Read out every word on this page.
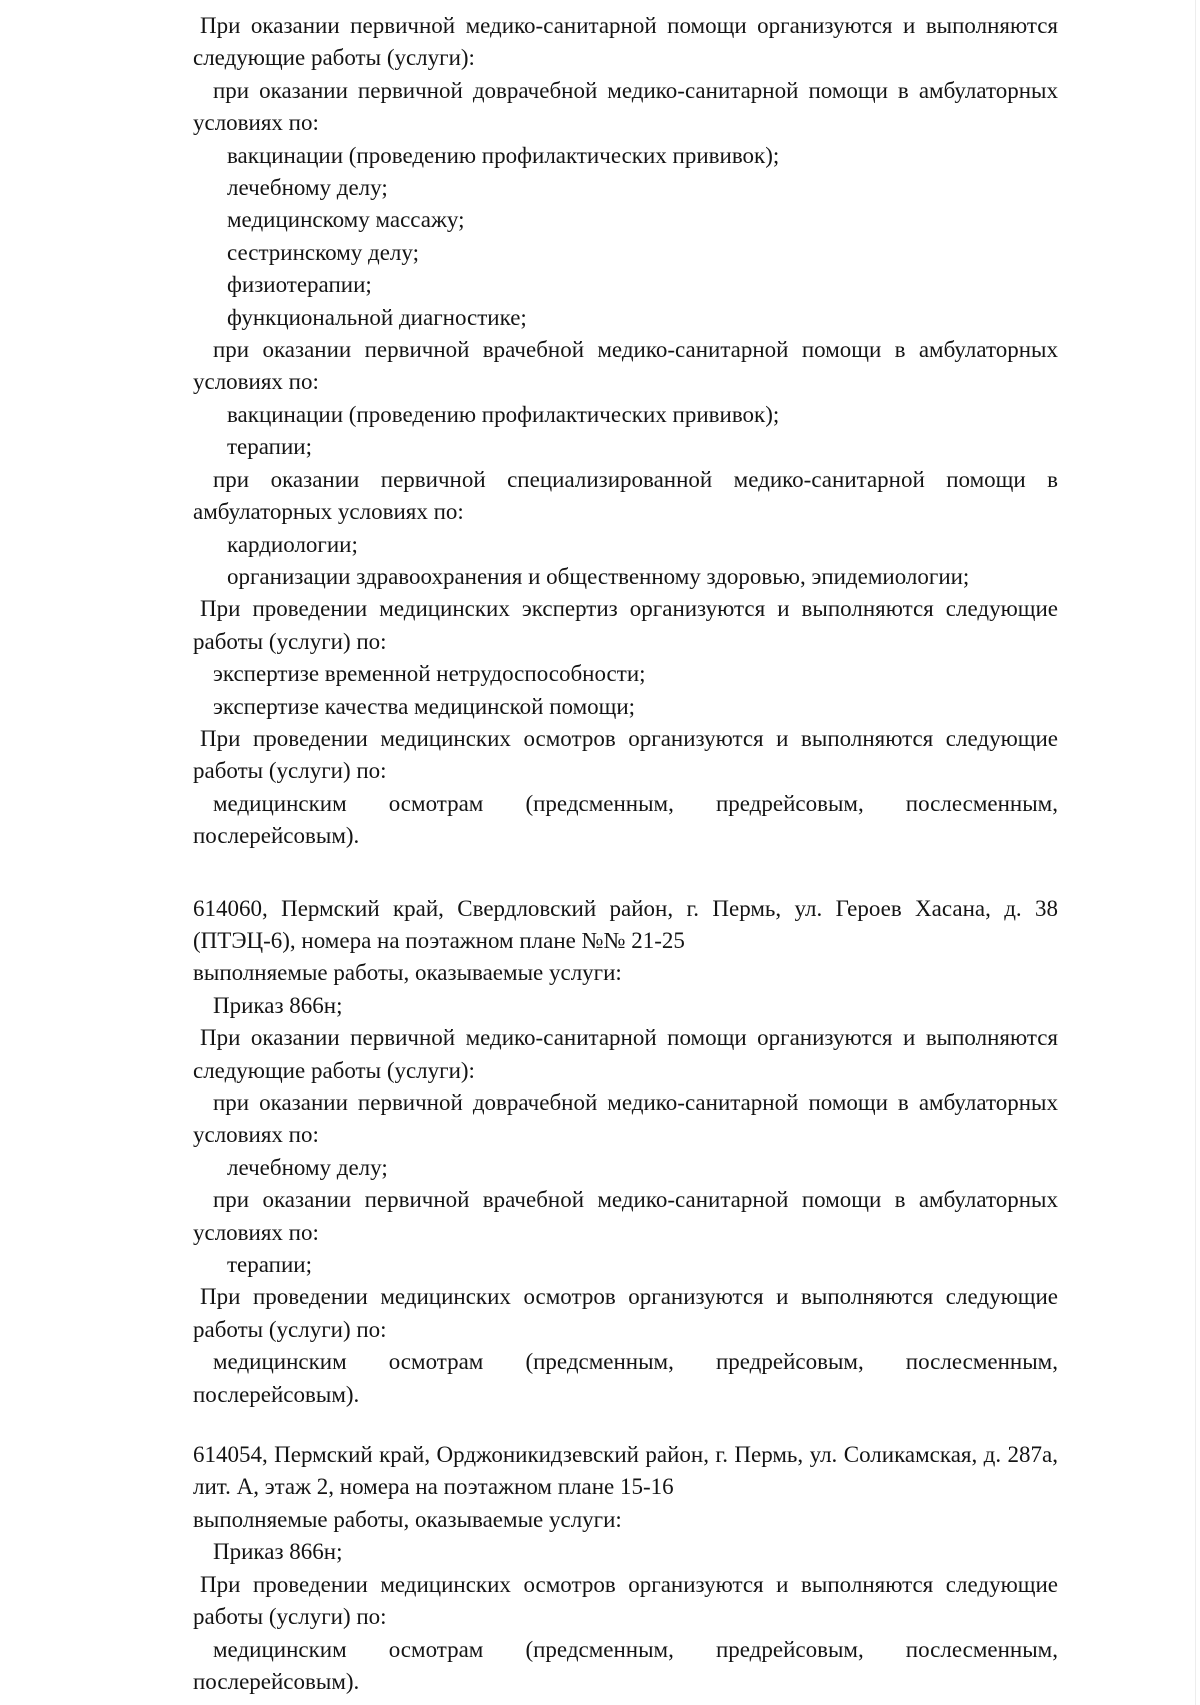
При оказании первичной медико-санитарной помощи организуются и выполняются следующие работы (услуги):

при оказании первичной доврачебной медико-санитарной помощи в амбулаторных условиях по:

вакцинации (проведению профилактических прививок);

лечебному делу;

медицинскому массажу;

сестринскому делу;

физиотерапии;

функциональной диагностике;

при оказании первичной врачебной медико-санитарной помощи в амбулаторных условиях по:

вакцинации (проведению профилактических прививок);

терапии;

при оказании первичной специализированной медико-санитарной помощи в амбулаторных условиях по:

кардиологии;

организации здравоохранения и общественному здоровью, эпидемиологии;

При проведении медицинских экспертиз организуются и выполняются следующие работы (услуги) по:

экспертизе временной нетрудоспособности;

экспертизе качества медицинской помощи;

При проведении медицинских осмотров организуются и выполняются следующие работы (услуги) по:

медицинским осмотрам (предсменным, предрейсовым, послесменным, послерейсовым).

614060, Пермский край, Свердловский район, г. Пермь, ул. Героев Хасана, д. 38 (ПТЭЦ-6), номера на поэтажном плане №№ 21-25

выполняемые работы, оказываемые услуги:

Приказ 866н;

При оказании первичной медико-санитарной помощи организуются и выполняются следующие работы (услуги):

при оказании первичной доврачебной медико-санитарной помощи в амбулаторных условиях по:

лечебному делу;

при оказании первичной врачебной медико-санитарной помощи в амбулаторных условиях по:

терапии;

При проведении медицинских осмотров организуются и выполняются следующие работы (услуги) по:

медицинским осмотрам (предсменным, предрейсовым, послесменным, послерейсовым).

614054, Пермский край, Орджоникидзевский район, г. Пермь, ул. Соликамская, д. 287а, лит. А, этаж 2, номера на поэтажном плане 15-16

выполняемые работы, оказываемые услуги:

Приказ 866н;

При проведении медицинских осмотров организуются и выполняются следующие работы (услуги) по:

медицинским осмотрам (предсменным, предрейсовым, послесменным, послерейсовым).
